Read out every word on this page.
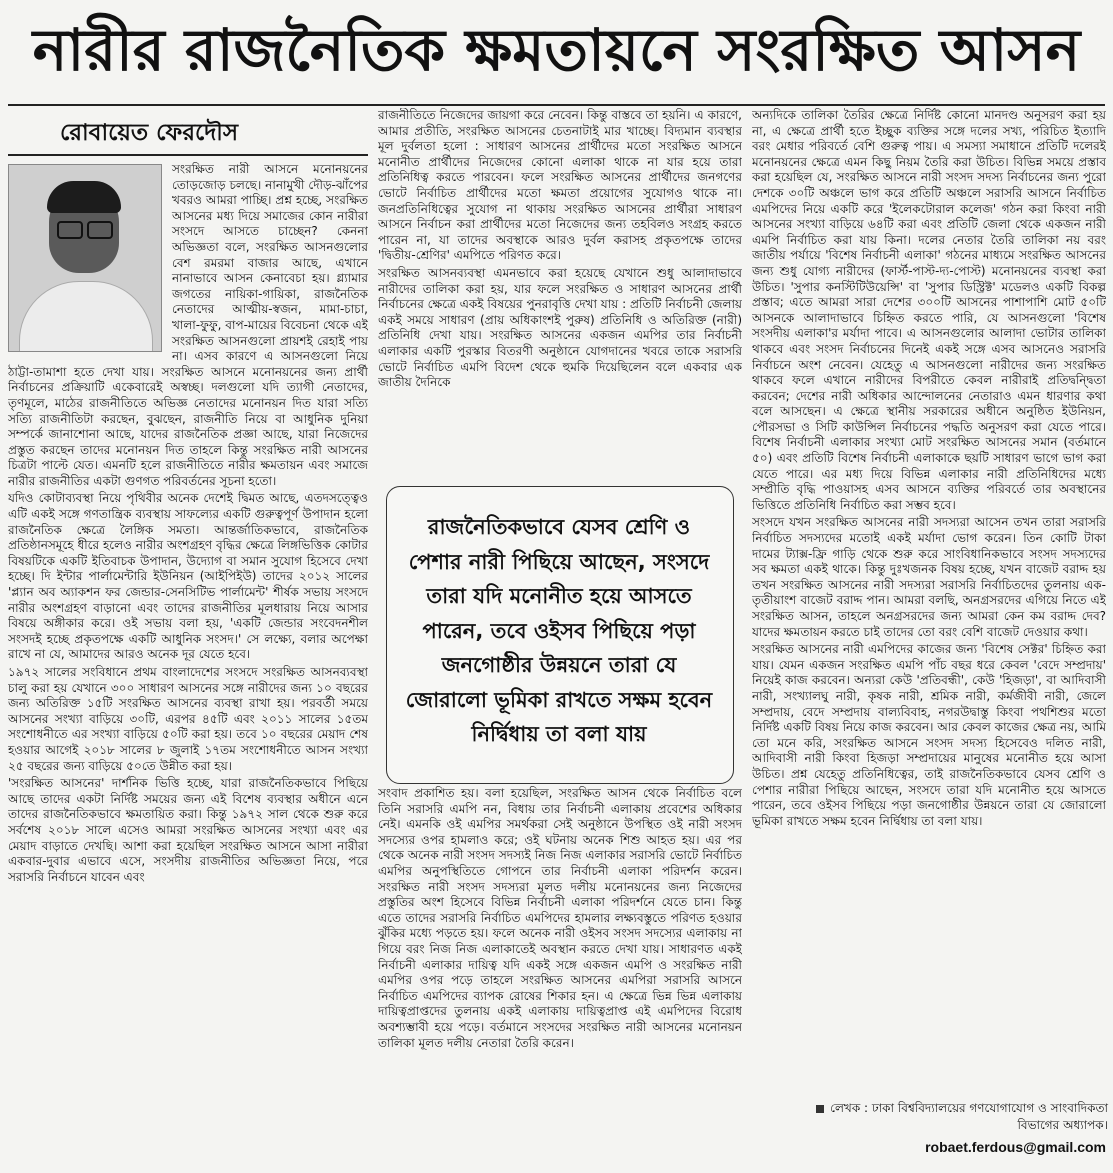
নারীর রাজনৈতিক ক্ষমতায়নে সংরক্ষিত আসন
রোবায়েত ফেরদৌস

সংরক্ষিত নারী আসনে মনোনয়নের তোড়জোড় চলছে। নানামুখী দৌড়-ঝাঁপের খবরও আমরা পাচ্ছি। প্রশ্ন হচ্ছে, সংরক্ষিত আসনের মধ্য দিয়ে সমাজের কোন নারীরা সংসদে আসতে চাচ্ছেন? কেননা অভিজ্ঞতা বলে, সংরক্ষিত আসনগুলোর বেশ রমরমা বাজার আছে, এখানে নানাভাবে আসন কেনাবেচা হয়। গ্ল্যামার জগতের নায়িকা-গায়িকা, রাজনৈতিক নেতাদের আত্মীয়-স্বজন, মামা-চাচা, খালা-ফুফু, বাপ-মায়ের বিবেচনা থেকে এই সংরক্ষিত আসনগুলো প্রায়শই রেহাই পায় না। এসব কারণে এ আসনগুলো নিয়ে ঠাট্টা-তামাশা হতে দেখা যায়। সংরক্ষিত আসনে মনোনয়নের জন্য প্রার্থী নির্বাচনের প্রক্রিয়াটি একেবারেই অস্বচ্ছ। দলগুলো যদি ত্যাগী নেতাদের, তৃণমূলে, মাঠের রাজনীতিতে অভিজ্ঞ নেতাদের মনোনয়ন দিত যারা সত্যি সত্যি রাজনীতিটা করছেন, বুঝছেন, রাজনীতি নিয়ে বা আধুনিক দুনিয়া সম্পর্কে জানাশোনা আছে, যাদের রাজনৈতিক প্রজ্ঞা আছে, যারা নিজেদের প্রস্তুত করছেন তাদের মনোনয়ন দিত তাহলে কিন্তু সংরক্ষিত নারী আসনের চিত্রটা পাল্টে যেত। এমনটি হলে রাজনীতিতে নারীর ক্ষমতায়ন এবং সমাজে নারীর রাজনীতির একটা গুণগত পরিবর্তনের সূচনা হতো।

যদিও কোটাব্যবস্থা নিয়ে পৃথিবীর অনেক দেশেই দ্বিমত আছে, এতদসত্ত্বেও এটি একই সঙ্গে গণতান্ত্রিক ব্যবস্থায় সাফল্যের একটি গুরুত্বপূর্ণ উপাদান হলো রাজনৈতিক ক্ষেত্রে লৈঙ্গিক সমতা। আন্তর্জাতিকভাবে, রাজনৈতিক প্রতিষ্ঠানসমূহে ধীরে হলেও নারীর অংশগ্রহণ বৃদ্ধির ক্ষেত্রে লিঙ্গভিত্তিক কোটার বিষয়টিকে একটি ইতিবাচক উপাদান, উদ্যোগ বা সমান সুযোগ হিসেবে দেখা হচ্ছে। দি ইন্টার পার্লামেন্টারি ইউনিয়ন (আইপিইউ) তাদের ২০১২ সালের 'প্ল্যান অব অ্যাকশন ফর জেন্ডার-সেনসিটিভ পার্লামেন্ট' শীর্ষক সভায় সংসদে নারীর অংশগ্রহণ বাড়ানো এবং তাদের রাজনীতির মূলধারায় নিয়ে আসার বিষয়ে অঙ্গীকার করে। ওই সভায় বলা হয়, 'একটি জেন্ডার সংবেদনশীল সংসদই হচ্ছে প্রকৃতপক্ষে একটি আধুনিক সংসদ।' সে লক্ষ্যে, বলার অপেক্ষা রাখে না যে, আমাদের আরও অনেক দূর যেতে হবে।

১৯৭২ সালের সংবিধানে প্রথম বাংলাদেশের সংসদে সংরক্ষিত আসনব্যবস্থা চালু করা হয় যেখানে ৩০০ সাধারণ আসনের সঙ্গে নারীদের জন্য ১০ বছরের জন্য অতিরিক্ত ১৫টি সংরক্ষিত আসনের ব্যবস্থা রাখা হয়। পরবর্তী সময়ে আসনের সংখ্যা বাড়িয়ে ৩০টি, এরপর ৪৫টি এবং ২০১১ সালের ১৫তম সংশোধনীতে এর সংখ্যা বাড়িয়ে ৫০টি করা হয়। তবে ১০ বছরের মেয়াদ শেষ হওয়ার আগেই ২০১৮ সালের ৮ জুলাই ১৭তম সংশোধনীতে আসন সংখ্যা ২৫ বছরের জন্য বাড়িয়ে ৫০তে উন্নীত করা হয়।

'সংরক্ষিত আসনের' দার্শনিক ভিত্তি হচ্ছে, যারা রাজনৈতিকভাবে পিছিয়ে আছে তাদের একটা নির্দিষ্ট সময়ের জন্য এই বিশেষ ব্যবস্থার অধীনে এনে তাদের রাজনৈতিকভাবে ক্ষমতায়িত করা। কিন্তু ১৯৭২ সাল থেকে শুরু করে সর্বশেষ ২০১৮ সালে এসেও আমরা সংরক্ষিত আসনের সংখ্যা এবং এর মেয়াদ বাড়াতে দেখছি। আশা করা হয়েছিল সংরক্ষিত আসনে আসা নারীরা একবার-দুবার এভাবে এসে, সংসদীয় রাজনীতির অভিজ্ঞতা নিয়ে, পরে সরাসরি নির্বাচনে যাবেন এবং

রাজনীতিতে নিজেদের জায়গা করে নেবেন। কিন্তু বাস্তবে তা হয়নি। এ কারণে, আমার প্রতীতি, সংরক্ষিত আসনের চেতনাটাই মার খাচ্ছে। বিদ্যমান ব্যবস্থার মূল দুর্বলতা হলো : সাধারণ আসনের প্রার্থীদের মতো সংরক্ষিত আসনে মনোনীত প্রার্থীদের নিজেদের কোনো এলাকা থাকে না যার হয়ে তারা প্রতিনিধিত্ব করতে পারবেন। ফলে সংরক্ষিত আসনের প্রার্থীদের জনগণের ভোটে নির্বাচিত প্রার্থীদের মতো ক্ষমতা প্রয়োগের সুযোগও থাকে না। জনপ্রতিনিধিত্বের সুযোগ না থাকায় সংরক্ষিত আসনের প্রার্থীরা সাধারণ আসনে নির্বাচন করা প্রার্থীদের মতো নিজেদের জন্য তহবিলও সংগ্রহ করতে পারেন না, যা তাদের অবস্থাকে আরও দুর্বল করাসহ প্রকৃতপক্ষে তাদের 'দ্বিতীয়-শ্রেণির' এমপিতে পরিণত করে।

সংরক্ষিত আসনব্যবস্থা এমনভাবে করা হয়েছে যেখানে শুধু আলাদাভাবে নারীদের তালিকা করা হয়, যার ফলে সংরক্ষিত ও সাধারণ আসনের প্রার্থী নির্বাচনের ক্ষেত্রে একই বিষয়ের পুনরাবৃত্তি দেখা যায় : প্রতিটি নির্বাচনী জেলায় একই সময়ে সাধারণ (প্রায় অধিকাংশই পুরুষ) প্রতিনিধি ও অতিরিক্ত (নারী) প্রতিনিধি দেখা যায়। সংরক্ষিত আসনের একজন এমপির তার নির্বাচনী এলাকার একটি পুরস্কার বিতরণী অনুষ্ঠানে যোগদানের খবরে তাকে সরাসরি ভোটে নির্বাচিত এমপি বিদেশ থেকে হুমকি দিয়েছিলেন বলে একবার এক জাতীয় দৈনিকে

রাজনৈতিকভাবে যেসব শ্রেণি ও পেশার নারী পিছিয়ে আছেন, সংসদে তারা যদি মনোনীত হয়ে আসতে পারেন, তবে ওইসব পিছিয়ে পড়া জনগোষ্ঠীর উন্নয়নে তারা যে জোরালো ভূমিকা রাখতে সক্ষম হবেন নির্দ্বিধায় তা বলা যায়

সংবাদ প্রকাশিত হয়। বলা হয়েছিল, সংরক্ষিত আসন থেকে নির্বাচিত বলে তিনি সরাসরি এমপি নন, বিধায় তার নির্বাচনী এলাকায় প্রবেশের অধিকার নেই। এমনকি ওই এমপির সমর্থকরা সেই অনুষ্ঠানে উপস্থিত ওই নারী সংসদ সদস্যের ওপর হামলাও করে; ওই ঘটনায় অনেক শিশু আহত হয়। এর পর থেকে অনেক নারী সংসদ সদস্যই নিজ নিজ এলাকার সরাসরি ভোটে নির্বাচিত এমপির অনুপস্থিতিতে গোপনে তার নির্বাচনী এলাকা পরিদর্শন করেন। সংরক্ষিত নারী সংসদ সদস্যরা মূলত দলীয় মনোনয়নের জন্য নিজেদের প্রস্তুতির অংশ হিসেবে বিভিন্ন নির্বাচনী এলাকা পরিদর্শনে যেতে চান। কিন্তু এতে তাদের সরাসরি নির্বাচিত এমপিদের হামলার লক্ষ্যবস্তুতে পরিণত হওয়ার ঝুঁকির মধ্যে পড়তে হয়। ফলে অনেক নারী ওইসব সংসদ সদস্যের এলাকায় না গিয়ে বরং নিজ নিজ এলাকাতেই অবস্থান করতে দেখা যায়। সাধারণত একই নির্বাচনী এলাকার দায়িত্ব যদি একই সঙ্গে একজন এমপি ও সংরক্ষিত নারী এমপির ওপর পড়ে তাহলে সংরক্ষিত আসনের এমপিরা সরাসরি আসনে নির্বাচিত এমপিদের ব্যাপক রোষের শিকার হন। এ ক্ষেত্রে ভিন্ন ভিন্ন এলাকায় দায়িত্বপ্রাপ্তদের তুলনায় একই এলাকায় দায়িত্বপ্রাপ্ত এই এমপিদের বিরোধ অবশ্যম্ভাবী হয়ে পড়ে। বর্তমানে সংসদের সংরক্ষিত নারী আসনের মনোনয়ন তালিকা মূলত দলীয় নেতারা তৈরি করেন।

অন্যদিকে তালিকা তৈরির ক্ষেত্রে নির্দিষ্ট কোনো মানদণ্ড অনুসরণ করা হয় না, এ ক্ষেত্রে প্রার্থী হতে ইচ্ছুক ব্যক্তির সঙ্গে দলের সখ্য, পরিচিত ইত্যাদি বরং মেধার পরিবর্তে বেশি গুরুত্ব পায়। এ সমস্যা সমাধানে প্রতিটি দলেরই মনোনয়নের ক্ষেত্রে এমন কিছু নিয়ম তৈরি করা উচিত। বিভিন্ন সময়ে প্রস্তাব করা হয়েছিল যে, সংরক্ষিত আসনে নারী সংসদ সদস্য নির্বাচনের জন্য পুরো দেশকে ৩০টি অঞ্চলে ভাগ করে প্রতিটি অঞ্চলে সরাসরি আসনে নির্বাচিত এমপিদের নিয়ে একটি করে 'ইলেকটোরাল কলেজ' গঠন করা কিংবা নারী আসনের সংখ্যা বাড়িয়ে ৬৪টি করা এবং প্রতিটি জেলা থেকে একজন নারী এমপি নির্বাচিত করা যায় কিনা। দলের নেতার তৈরি তালিকা নয় বরং জাতীয় পর্যায়ে 'বিশেষ নির্বাচনী এলাকা' গঠনের মাধ্যমে সংরক্ষিত আসনের জন্য শুধু যোগ্য নারীদের (ফার্স্ট-পাস্ট-দ্য-পোস্ট) মনোনয়নের ব্যবস্থা করা উচিত। 'সুপার কনস্টিটিউয়েন্সি' বা 'সুপার ডিস্ট্রিক্ট' মডেলও একটি বিকল্প প্রস্তাব; এতে আমরা সারা দেশের ৩০০টি আসনের পাশাপাশি মোট ৫০টি আসনকে আলাদাভাবে চিহ্নিত করতে পারি, যে আসনগুলো 'বিশেষ সংসদীয় এলাকা'র মর্যাদা পাবে। এ আসনগুলোর আলাদা ভোটার তালিকা থাকবে এবং সংসদ নির্বাচনের দিনেই একই সঙ্গে এসব আসনেও সরাসরি নির্বাচনে অংশ নেবেন। যেহেতু এ আসনগুলো নারীদের জন্য সংরক্ষিত থাকবে ফলে এখানে নারীদের বিপরীতে কেবল নারীরাই প্রতিদ্বন্দ্বিতা করবেন; দেশের নারী অধিকার আন্দোলনের নেতারাও এমন ধারণার কথা বলে আসছেন। এ ক্ষেত্রে স্থানীয় সরকারের অধীনে অনুষ্ঠিত ইউনিয়ন, পৌরসভা ও সিটি কাউন্সিল নির্বাচনের পদ্ধতি অনুসরণ করা যেতে পারে। বিশেষ নির্বাচনী এলাকার সংখ্যা মোট সংরক্ষিত আসনের সমান (বর্তমানে ৫০) এবং প্রতিটি বিশেষ নির্বাচনী এলাকাকে ছয়টি সাধারণ ভাগে ভাগ করা যেতে পারে। এর মধ্য দিয়ে বিভিন্ন এলাকার নারী প্রতিনিধিদের মধ্যে সম্প্রীতি বৃদ্ধি পাওয়াসহ এসব আসনে ব্যক্তির পরিবর্তে তার অবস্থানের ভিত্তিতে প্রতিনিধি নির্বাচিত করা সম্ভব হবে।

সংসদে যখন সংরক্ষিত আসনের নারী সদস্যরা আসেন তখন তারা সরাসরি নির্বাচিত সদস্যদের মতোই একই মর্যাদা ভোগ করেন। তিন কোটি টাকা দামের ট্যাক্স-ফ্রি গাড়ি থেকে শুরু করে সাংবিধানিকভাবে সংসদ সদস্যদের সব ক্ষমতা একই থাকে। কিন্তু দুঃখজনক বিষয় হচ্ছে, যখন বাজেট বরাদ্দ হয় তখন সংরক্ষিত আসনের নারী সদস্যরা সরাসরি নির্বাচিতদের তুলনায় এক-তৃতীয়াংশ বাজেট বরাদ্দ পান। আমরা বলছি, অনগ্রসরদের এগিয়ে নিতে এই সংরক্ষিত আসন, তাহলে অনগ্রসরদের জন্য আমরা কেন কম বরাদ্দ দেব? যাদের ক্ষমতায়ন করতে চাই তাদের তো বরং বেশি বাজেট দেওয়ার কথা।

সংরক্ষিত আসনের নারী এমপিদের কাজের জন্য 'বিশেষ সেক্টর' চিহ্নিত করা যায়। যেমন একজন সংরক্ষিত এমপি পাঁচ বছর ধরে কেবল 'বেদে সম্প্রদায়' নিয়েই কাজ করবেন। অন্যরা কেউ 'প্রতিবন্ধী', কেউ 'হিজড়া', বা আদিবাসী নারী, সংখ্যালঘু নারী, কৃষক নারী, শ্রমিক নারী, কর্মজীবী নারী, জেলে সম্প্রদায়, বেদে সম্প্রদায় বাল্যবিবাহ, নগরউদ্বাস্তু কিংবা পথশিশুর মতো নির্দিষ্ট একটি বিষয় নিয়ে কাজ করবেন। আর কেবল কাজের ক্ষেত্র নয়, আমি তো মনে করি, সংরক্ষিত আসনে সংসদ সদস্য হিসেবেও দলিত নারী, আদিবাসী নারী কিংবা হিজড়া সম্প্রদায়ের মানুষের মনোনীত হয়ে আসা উচিত। প্রশ্ন যেহেতু প্রতিনিধিত্বের, তাই রাজনৈতিকভাবে যেসব শ্রেণি ও পেশার নারীরা পিছিয়ে আছেন, সংসদে তারা যদি মনোনীত হয়ে আসতে পারেন, তবে ওইসব পিছিয়ে পড়া জনগোষ্ঠীর উন্নয়নে তারা যে জোরালো ভূমিকা রাখতে সক্ষম হবেন নির্দ্বিধায় তা বলা যায়।

লেখক : ঢাকা বিশ্ববিদ্যালয়ের গণযোগাযোগ ও সাংবাদিকতা বিভাগের অধ্যাপক।
robaet.ferdous@gmail.com
